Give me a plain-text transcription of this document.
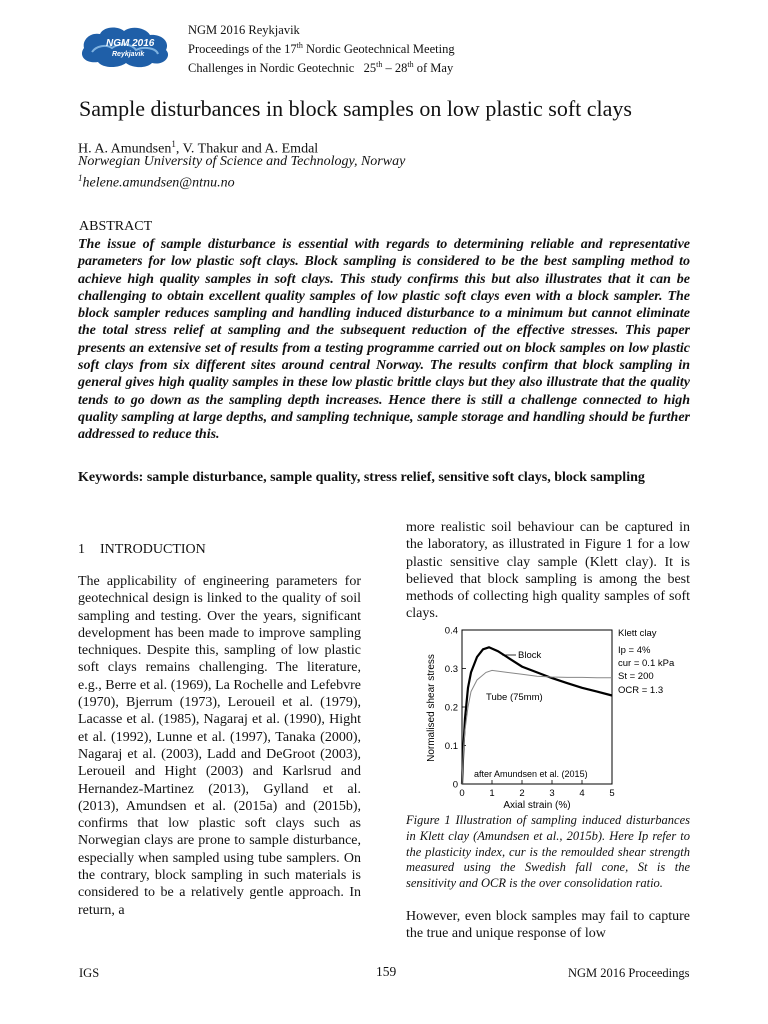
NGM 2016
Reykjavik
NGM 2016 Reykjavik
Proceedings of the 17th Nordic Geotechnical Meeting
Challenges in Nordic Geotechnic   25th – 28th of May
Sample disturbances in block samples on low plastic soft clays
H. A. Amundsen$^1$, V. Thakur and A. Emdal
Norwegian University of Science and Technology, Norway
$^1$helene.amundsen@ntnu.no
ABSTRACT
The issue of sample disturbance is essential with regards to determining reliable and representative parameters for low plastic soft clays. Block sampling is considered to be the best sampling method to achieve high quality samples in soft clays. This study confirms this but also illustrates that it can be challenging to obtain excellent quality samples of low plastic soft clays even with a block sampler. The block sampler reduces sampling and handling induced disturbance to a minimum but cannot eliminate the total stress relief at sampling and the subsequent reduction of the effective stresses. This paper presents an extensive set of results from a testing programme carried out on block samples on low plastic soft clays from six different sites around central Norway. The results confirm that block sampling in general gives high quality samples in these low plastic brittle clays but they also illustrate that the quality tends to go down as the sampling depth increases. Hence there is still a challenge connected to high quality sampling at large depths, and sampling technique, sample storage and handling should be further addressed to reduce this.
Keywords: sample disturbance, sample quality, stress relief, sensitive soft clays, block sampling
1 INTRODUCTION
The applicability of engineering parameters for geotechnical design is linked to the quality of soil sampling and testing. Over the years, significant development has been made to improve sampling techniques. Despite this, sampling of low plastic soft clays remains challenging. The literature, e.g., Berre et al. (1969), La Rochelle and Lefebvre (1970), Bjerrum (1973), Leroueil et al. (1979), Lacasse et al. (1985), Nagaraj et al. (1990), Hight et al. (1992), Lunne et al. (1997), Tanaka (2000), Nagaraj et al. (2003), Ladd and DeGroot (2003), Leroueil and Hight (2003) and Karlsrud and Hernandez-Martinez (2013), Gylland et al. (2013), Amundsen et al. (2015a) and (2015b), confirms that low plastic soft clays such as Norwegian clays are prone to sample disturbance, especially when sampled using tube samplers. On the contrary, block sampling in such materials is considered to be a relatively gentle approach. In return, a
more realistic soil behaviour can be captured in the laboratory, as illustrated in Figure 1 for a low plastic sensitive clay sample (Klett clay). It is believed that block sampling is among the best methods of collecting high quality samples of soft clays.
0
0.1
0.2
0.3
0.4
0	1	2	3	4	5
Normalised shear stress
Axial strain (%)
Block
Tube (75mm)
after Amundsen et al. (2015)
Klett clay
Ip = 4%
cur = 0.1 kPa
St = 200
OCR = 1.3
Figure 1 Illustration of sampling induced disturbances in Klett clay (Amundsen et al., 2015b). Here Ip refer to the plasticity index, cur is the remoulded shear strength measured using the Swedish fall cone, St is the sensitivity and OCR is the over consolidation ratio.
However, even block samples may fail to capture the true and unique response of low
IGS	159	NGM 2016 Proceedings
